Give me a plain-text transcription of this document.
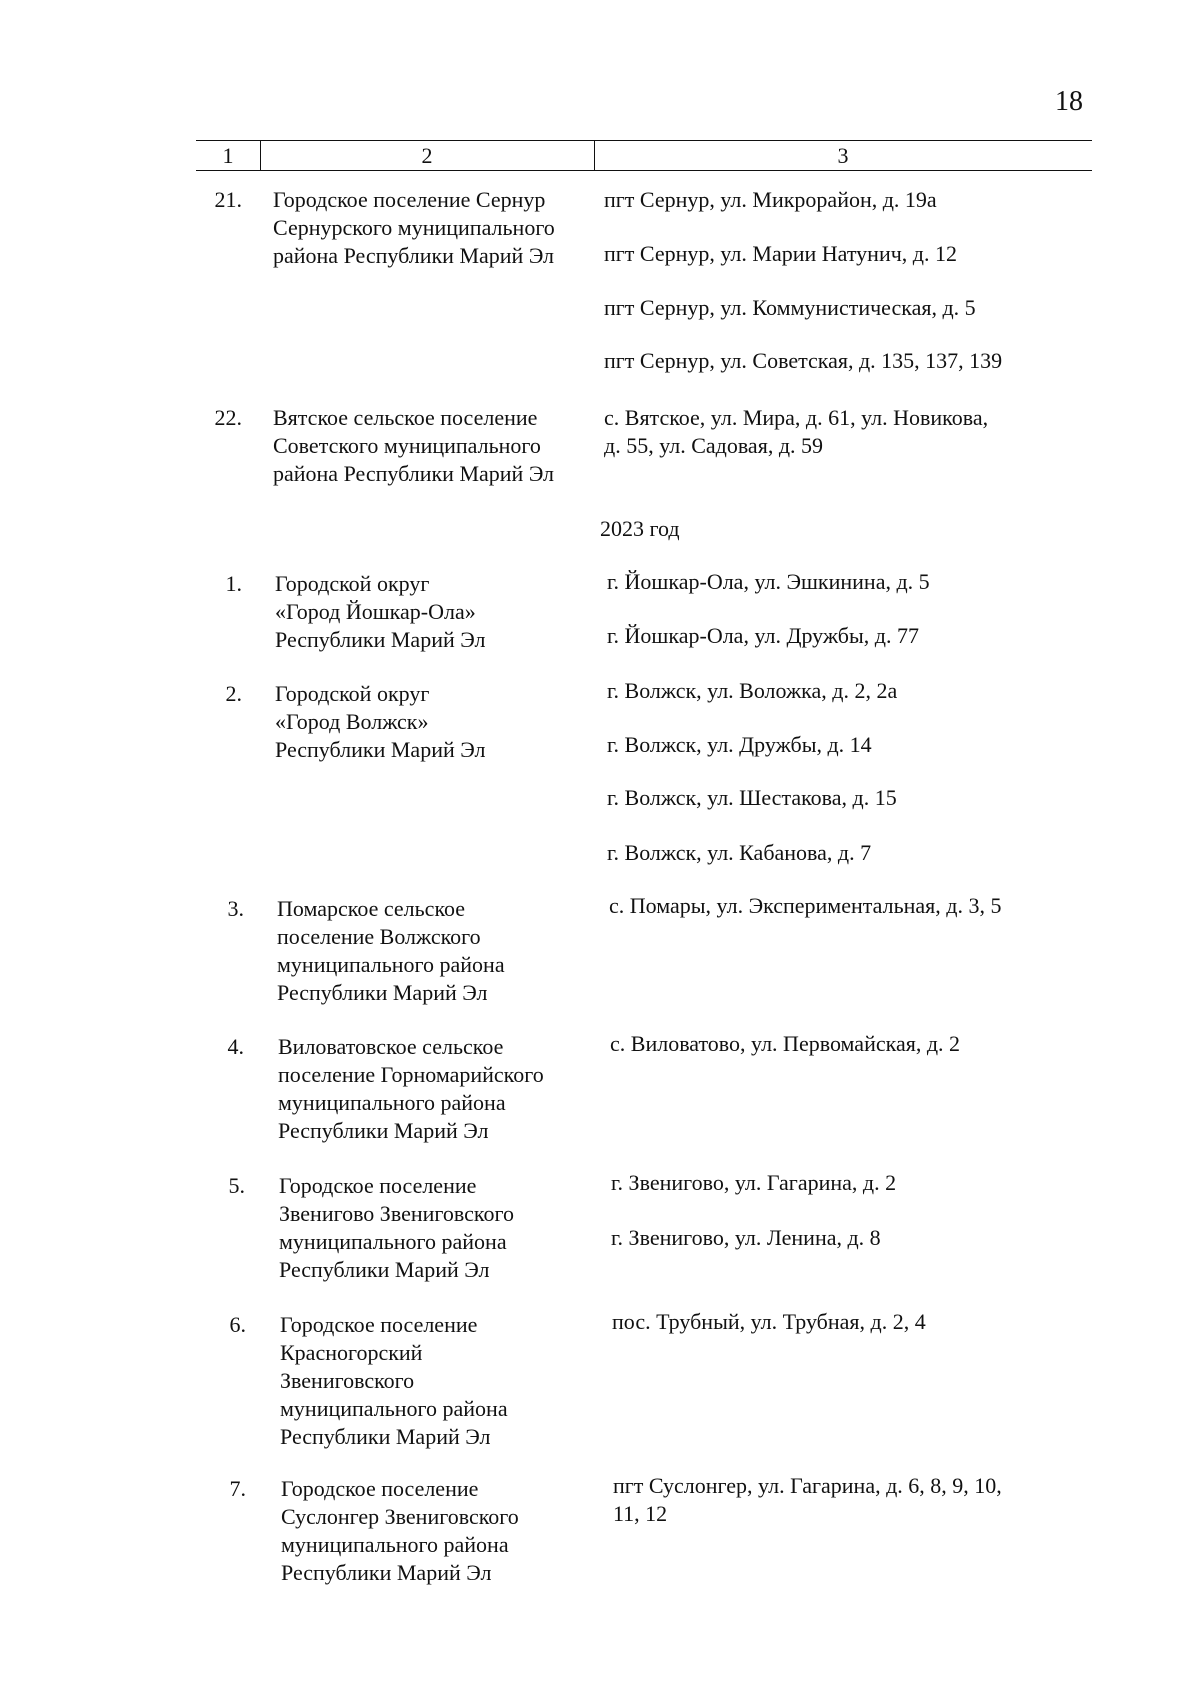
18
1	2	3
21. Городское поселение Сернур
Сернурского муниципального
района Республики Марий Эл
пгт Сернур, ул. Микрорайон, д. 19а
пгт Сернур, ул. Марии Натунич, д. 12
пгт Сернур, ул. Коммунистическая, д. 5
пгт Сернур, ул. Советская, д. 135, 137, 139
22. Вятское сельское поселение
Советского муниципального
района Республики Марий Эл
с. Вятское, ул. Мира, д. 61, ул. Новикова,
д. 55, ул. Садовая, д. 59
2023 год
1. Городской округ
«Город Йошкар-Ола»
Республики Марий Эл
г. Йошкар-Ола, ул. Эшкинина, д. 5
г. Йошкар-Ола, ул. Дружбы, д. 77
2. Городской округ
«Город Волжск»
Республики Марий Эл
г. Волжск, ул. Воложка, д. 2, 2а
г. Волжск, ул. Дружбы, д. 14
г. Волжск, ул. Шестакова, д. 15
г. Волжск, ул. Кабанова, д. 7
3. Помарское сельское
поселение Волжского
муниципального района
Республики Марий Эл
с. Помары, ул. Экспериментальная, д. 3, 5
4. Виловатовское сельское
поселение Горномарийского
муниципального района
Республики Марий Эл
с. Виловатово, ул. Первомайская, д. 2
5. Городское поселение
Звенигово Звениговского
муниципального района
Республики Марий Эл
г. Звенигово, ул. Гагарина, д. 2
г. Звенигово, ул. Ленина, д. 8
6. Городское поселение
Красногорский
Звениговского
муниципального района
Республики Марий Эл
пос. Трубный, ул. Трубная, д. 2, 4
7. Городское поселение
Суслонгер Звениговского
муниципального района
Республики Марий Эл
пгт Суслонгер, ул. Гагарина, д. 6, 8, 9, 10,
11, 12
